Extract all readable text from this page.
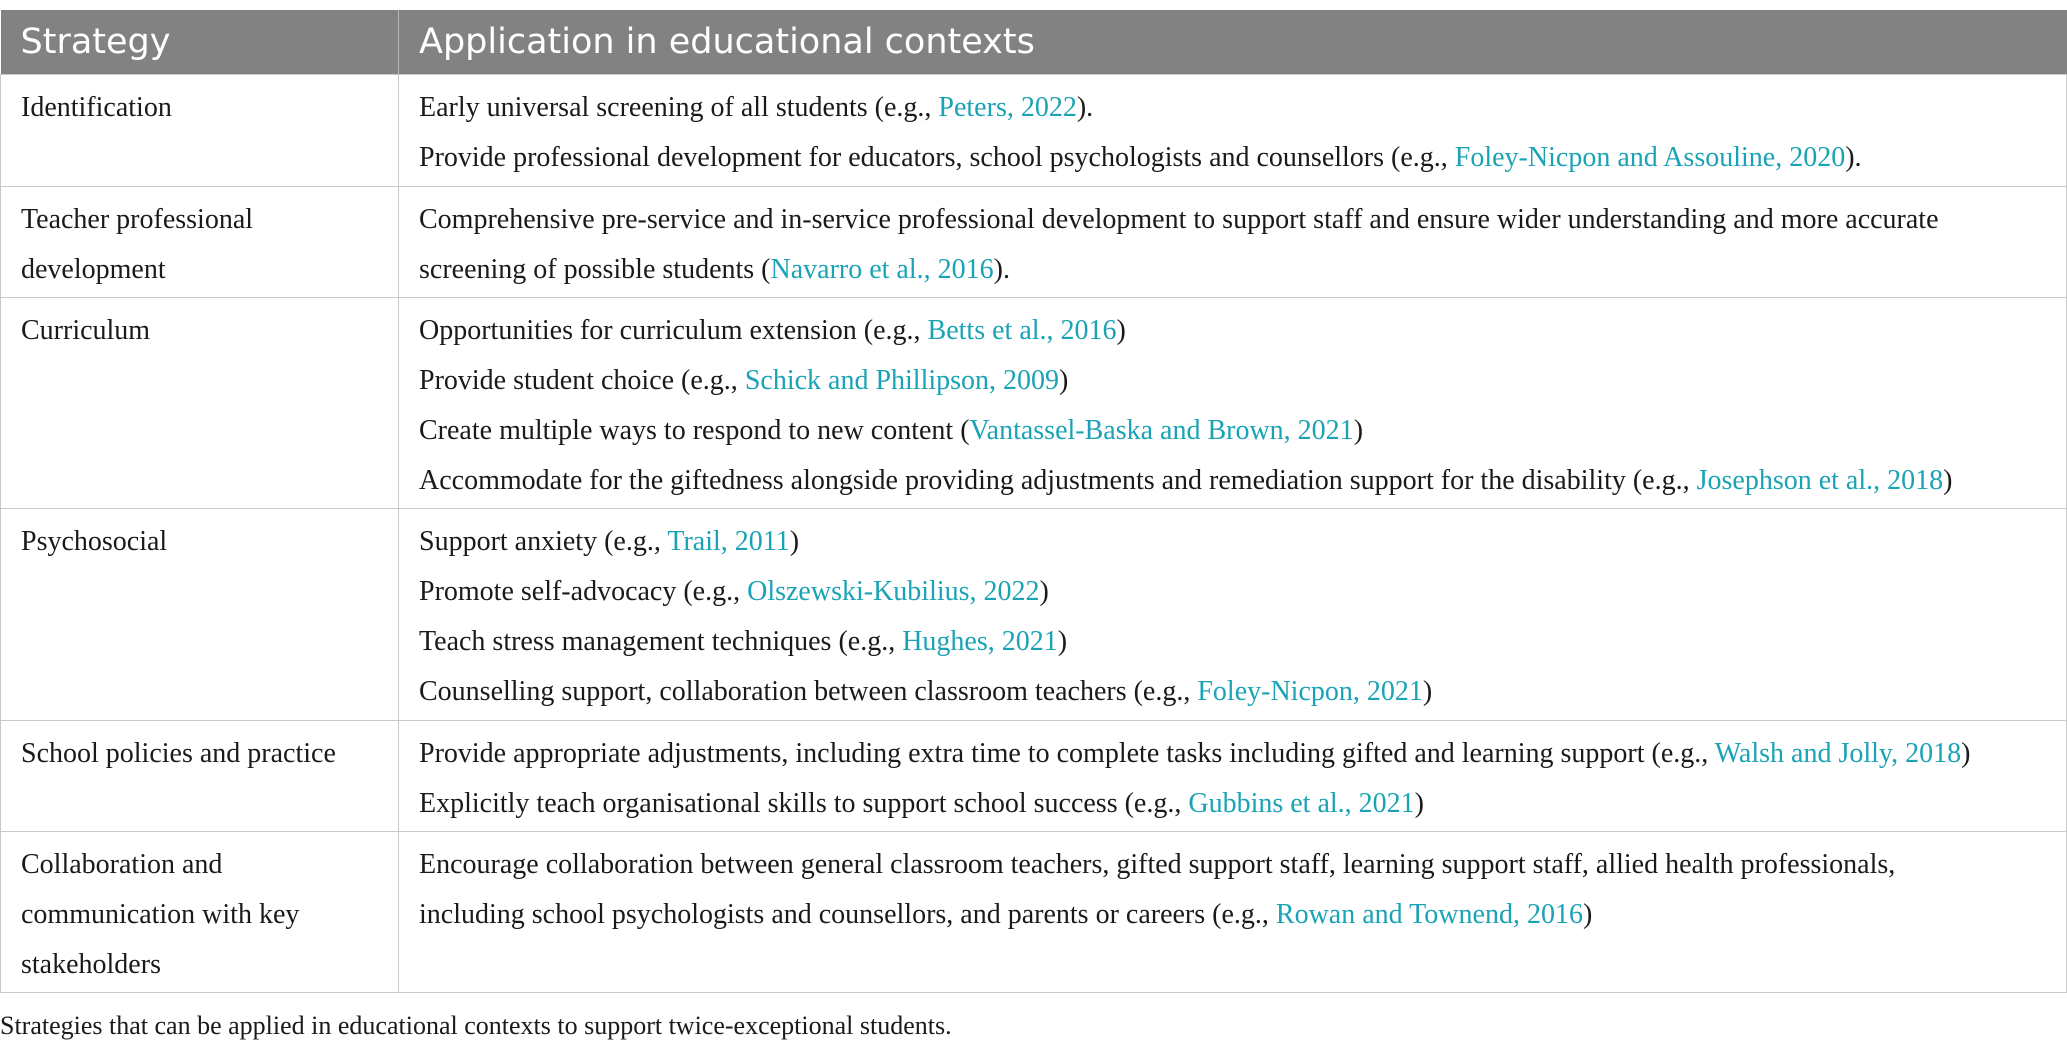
Strategy	Application in educational contexts
Identification	Early universal screening of all students (e.g., Peters, 2022).
Provide professional development for educators, school psychologists and counsellors (e.g., Foley-Nicpon and Assouline, 2020).

Teacher professional development	Comprehensive pre-service and in-service professional development to support staff and ensure wider understanding and more accurate
screening of possible students (Navarro et al., 2016).

Curriculum	Opportunities for curriculum extension (e.g., Betts et al., 2016)
Provide student choice (e.g., Schick and Phillipson, 2009)
Create multiple ways to respond to new content (Vantassel-Baska and Brown, 2021)
Accommodate for the giftedness alongside providing adjustments and remediation support for the disability (e.g., Josephson et al., 2018)

Psychosocial	Support anxiety (e.g., Trail, 2011)
Promote self-advocacy (e.g., Olszewski-Kubilius, 2022)
Teach stress management techniques (e.g., Hughes, 2021)
Counselling support, collaboration between classroom teachers (e.g., Foley-Nicpon, 2021)

School policies and practice	Provide appropriate adjustments, including extra time to complete tasks including gifted and learning support (e.g., Walsh and Jolly, 2018)
Explicitly teach organisational skills to support school success (e.g., Gubbins et al., 2021)

Collaboration and communication with key stakeholders	Encourage collaboration between general classroom teachers, gifted support staff, learning support staff, allied health professionals,
including school psychologists and counsellors, and parents or careers (e.g., Rowan and Townend, 2016)
Strategies that can be applied in educational contexts to support twice-exceptional students.
